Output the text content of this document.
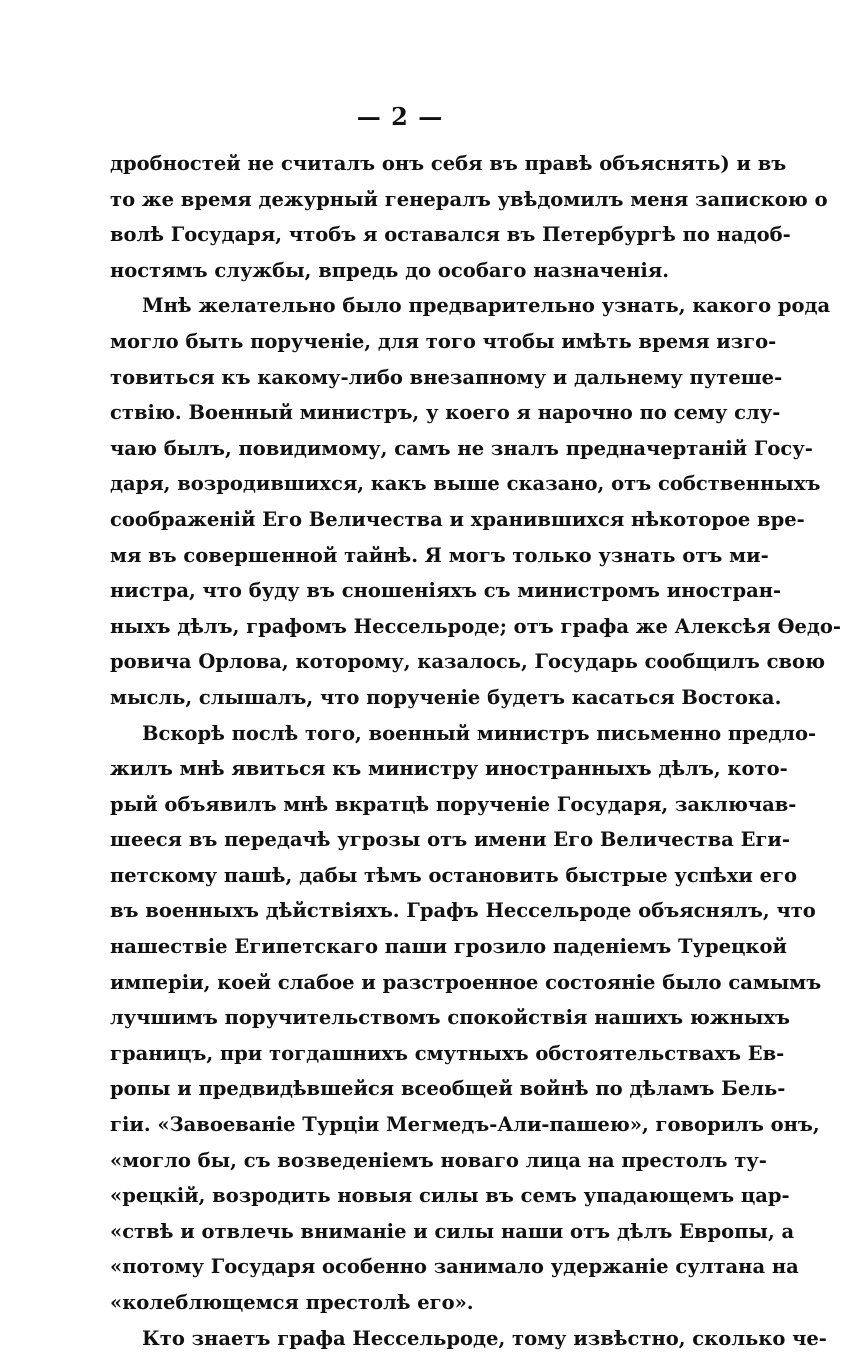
— 2 —
дробностей не считалъ онъ себя въ правѣ объяснять) и въ
то же время дежурный генералъ увѣдомилъ меня запискою о
волѣ Государя, чтобъ я оставался въ Петербургѣ по надоб-
ностямъ службы, впредь до особаго назначенія.
Мнѣ желательно было предварительно узнать, какого рода
могло быть порученіе, для того чтобы имѣть время изго-
товиться къ какому-либо внезапному и дальнему путеше-
ствію. Военный министръ, у коего я нарочно по сему слу-
чаю былъ, повидимому, самъ не зналъ предначертаній Госу-
даря, возродившихся, какъ выше сказано, отъ собственныхъ
соображеній Его Величества и хранившихся нѣкоторое вре-
мя въ совершенной тайнѣ. Я могъ только узнать отъ ми-
нистра, что буду въ сношеніяхъ съ министромъ иностран-
ныхъ дѣлъ, графомъ Нессельроде; отъ графа же Алексѣя Ѳедо-
ровича Орлова, которому, казалось, Государь сообщилъ свою
мысль, слышалъ, что порученіе будетъ касаться Востока.
Вскорѣ послѣ того, военный министръ письменно предло-
жилъ мнѣ явиться къ министру иностранныхъ дѣлъ, кото-
рый объявилъ мнѣ вкратцѣ порученіе Государя, заключав-
шееся въ передачѣ угрозы отъ имени Его Величества Еги-
петскому пашѣ, дабы тѣмъ остановить быстрые успѣхи его
въ военныхъ дѣйствіяхъ. Графъ Нессельроде объяснялъ, что
нашествіе Египетскаго паши грозило паденіемъ Турецкой
имперіи, коей слабое и разстроенное состояніе было самымъ
лучшимъ поручительствомъ спокойствія нашихъ южныхъ
границъ, при тогдашнихъ смутныхъ обстоятельствахъ Ев-
ропы и предвидѣвшейся всеобщей войнѣ по дѣламъ Бель-
гіи. «Завоеваніе Турціи Мегмедъ-Али-пашею», говорилъ онъ,
«могло бы, съ возведеніемъ новаго лица на престолъ ту-
«рецкій, возродить новыя силы въ семъ упадающемъ цар-
«ствѣ и отвлечь вниманіе и силы наши отъ дѣлъ Европы, а
«потому Государя особенно занимало удержаніе султана на
«колеблющемся престолѣ его».
Кто знаетъ графа Нессельроде, тому извѣстно, сколько че-
